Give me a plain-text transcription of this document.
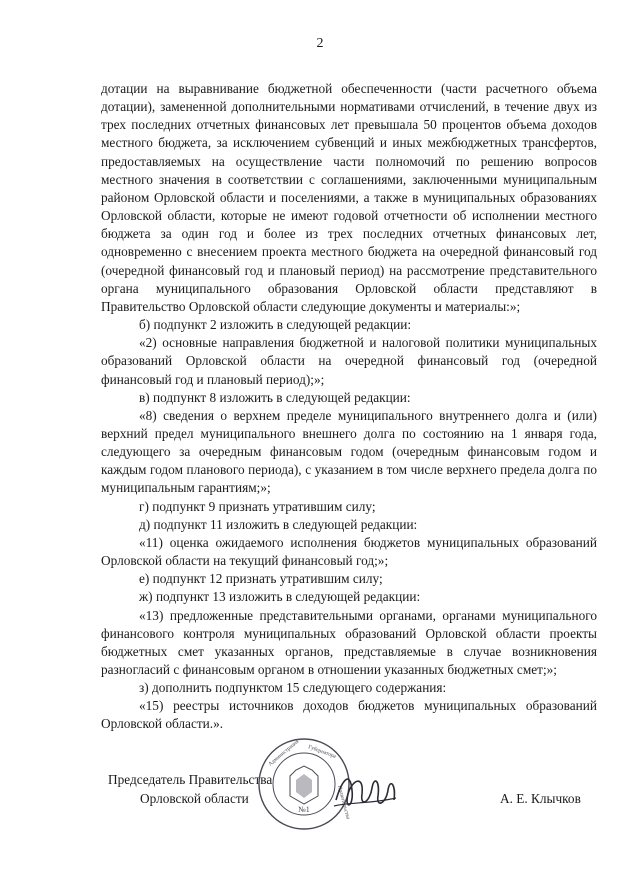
2

дотации на выравнивание бюджетной обеспеченности (части расчетного объема дотации), замененной дополнительными нормативами отчислений, в течение двух из трех последних отчетных финансовых лет превышала 50 процентов объема доходов местного бюджета, за исключением субвенций и иных межбюджетных трансфертов, предоставляемых на осуществление части полномочий по решению вопросов местного значения в соответствии с соглашениями, заключенными муниципальным районом Орловской области и поселениями, а также в муниципальных образованиях Орловской области, которые не имеют годовой отчетности об исполнении местного бюджета за один год и более из трех последних отчетных финансовых лет, одновременно с внесением проекта местного бюджета на очередной финансовый год (очередной финансовый год и плановый период) на рассмотрение представительного органа муниципального образования Орловской области представляют в Правительство Орловской области следующие документы и материалы:»;

б) подпункт 2 изложить в следующей редакции:

«2) основные направления бюджетной и налоговой политики муниципальных образований Орловской области на очередной финансовый год (очередной финансовый год и плановый период);»;

в) подпункт 8 изложить в следующей редакции:

«8) сведения о верхнем пределе муниципального внутреннего долга и (или) верхний предел муниципального внешнего долга по состоянию на 1 января года, следующего за очередным финансовым годом (очередным финансовым годом и каждым годом планового периода), с указанием в том числе верхнего предела долга по муниципальным гарантиям;»;

г) подпункт 9 признать утратившим силу;

д) подпункт 11 изложить в следующей редакции:

«11) оценка ожидаемого исполнения бюджетов муниципальных образований Орловской области на текущий финансовый год;»;

е) подпункт 12 признать утратившим силу;

ж) подпункт 13 изложить в следующей редакции:

«13) предложенные представительными органами, органами муниципального финансового контроля муниципальных образований Орловской области проекты бюджетных смет указанных органов, представляемые в случае возникновения разногласий с финансовым органом в отношении указанных бюджетных смет;»;

з) дополнить подпунктом 15 следующего содержания:

«15) реестры источников доходов бюджетов муниципальных образований Орловской области.».

Председатель Правительства
Орловской области
№1
Администрация Губернатора
Правительства	А. Е. Клычков
